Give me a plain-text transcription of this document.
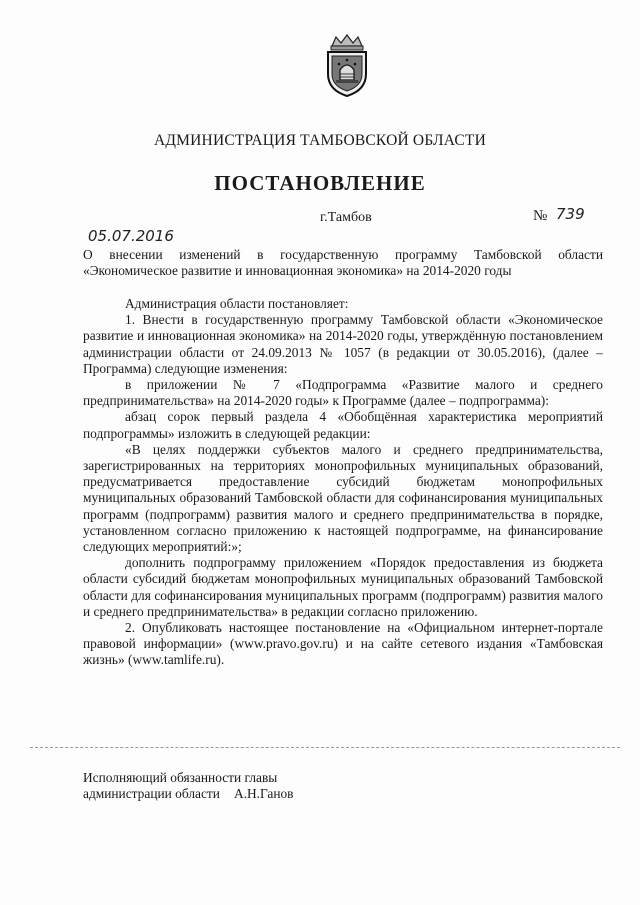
АДМИНИСТРАЦИЯ ТАМБОВСКОЙ ОБЛАСТИ
ПОСТАНОВЛЕНИЕ
г.Тамбов	№ 739
05.07.2016
О внесении изменений в государственную программу Тамбовской области «Экономическое развитие и инновационная экономика» на 2014-2020 годы

Администрация области постановляет:

1. Внести в государственную программу Тамбовской области «Экономическое развитие и инновационная экономика» на 2014-2020 годы, утверждённую постановлением администрации области от 24.09.2013 № 1057 (в редакции от 30.05.2016), (далее – Программа) следующие изменения:

в приложении № 7 «Подпрограмма «Развитие малого и среднего предпринимательства» на 2014-2020 годы» к Программе (далее – подпрограмма):

абзац сорок первый раздела 4 «Обобщённая характеристика мероприятий подпрограммы» изложить в следующей редакции:

«В целях поддержки субъектов малого и среднего предпринимательства, зарегистрированных на территориях монопрофильных муниципальных образований, предусматривается предоставление субсидий бюджетам монопрофильных муниципальных образований Тамбовской области для софинансирования муниципальных программ (подпрограмм) развития малого и среднего предпринимательства в порядке, установленном согласно приложению к настоящей подпрограмме, на финансирование следующих мероприятий:»;

дополнить подпрограмму приложением «Порядок предоставления из бюджета области субсидий бюджетам монопрофильных муниципальных образований Тамбовской области для софинансирования муниципальных программ (подпрограмм) развития малого и среднего предпринимательства» в редакции согласно приложению.

2. Опубликовать настоящее постановление на «Официальном интернет-портале правовой информации» (www.pravo.gov.ru) и на сайте сетевого издания «Тамбовская жизнь» (www.tamlife.ru).

Исполняющий обязанности главы
администрации области А.Н.Ганов
